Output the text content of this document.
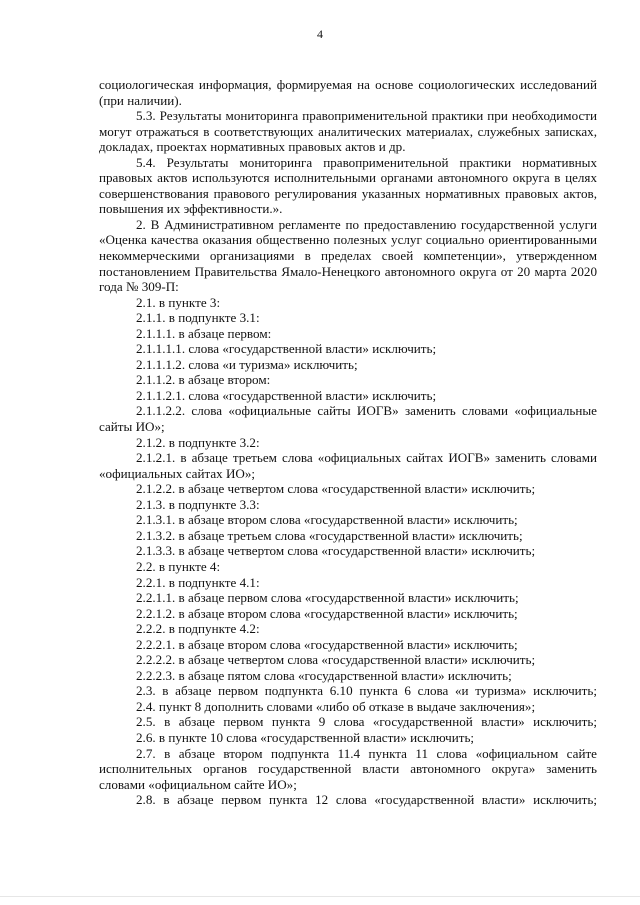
4

социологическая информация, формируемая на основе социологических исследований (при наличии).

5.3. Результаты мониторинга правоприменительной практики при необходимости могут отражаться в соответствующих аналитических материалах, служебных записках, докладах, проектах нормативных правовых актов и др.

5.4. Результаты мониторинга правоприменительной практики нормативных правовых актов используются исполнительными органами автономного округа в целях совершенствования правового регулирования указанных нормативных правовых актов, повышения их эффективности.».

2. В Административном регламенте по предоставлению государственной услуги «Оценка качества оказания общественно полезных услуг социально ориентированными некоммерческими организациями в пределах своей компетенции», утвержденном постановлением Правительства Ямало-Ненецкого автономного округа от 20 марта 2020 года № 309-П:

2.1. в пункте 3:

2.1.1. в подпункте 3.1:

2.1.1.1. в абзаце первом:

2.1.1.1.1. слова «государственной власти» исключить;

2.1.1.1.2. слова «и туризма» исключить;

2.1.1.2. в абзаце втором:

2.1.1.2.1. слова «государственной власти» исключить;

2.1.1.2.2. слова «официальные сайты ИОГВ» заменить словами «официальные сайты ИО»;

2.1.2. в подпункте 3.2:

2.1.2.1. в абзаце третьем слова «официальных сайтах ИОГВ» заменить словами «официальных сайтах ИО»;

2.1.2.2. в абзаце четвертом слова «государственной власти» исключить;

2.1.3. в подпункте 3.3:

2.1.3.1. в абзаце втором слова «государственной власти» исключить;

2.1.3.2. в абзаце третьем слова «государственной власти» исключить;

2.1.3.3. в абзаце четвертом слова «государственной власти» исключить;

2.2. в пункте 4:

2.2.1. в подпункте 4.1:

2.2.1.1. в абзаце первом слова «государственной власти» исключить;

2.2.1.2. в абзаце втором слова «государственной власти» исключить;

2.2.2. в подпункте 4.2:

2.2.2.1. в абзаце втором слова «государственной власти» исключить;

2.2.2.2. в абзаце четвертом слова «государственной власти» исключить;

2.2.2.3. в абзаце пятом слова «государственной власти» исключить;

2.3. в абзаце первом подпункта 6.10 пункта 6 слова «и туризма» исключить;

2.4. пункт 8 дополнить словами «либо об отказе в выдаче заключения»;

2.5. в абзаце первом пункта 9 слова «государственной власти» исключить;

2.6. в пункте 10 слова «государственной власти» исключить;

2.7. в абзаце втором подпункта 11.4 пункта 11 слова «официальном сайте исполнительных органов государственной власти автономного округа» заменить словами «официальном сайте ИО»;

2.8. в абзаце первом пункта 12 слова «государственной власти» исключить;
